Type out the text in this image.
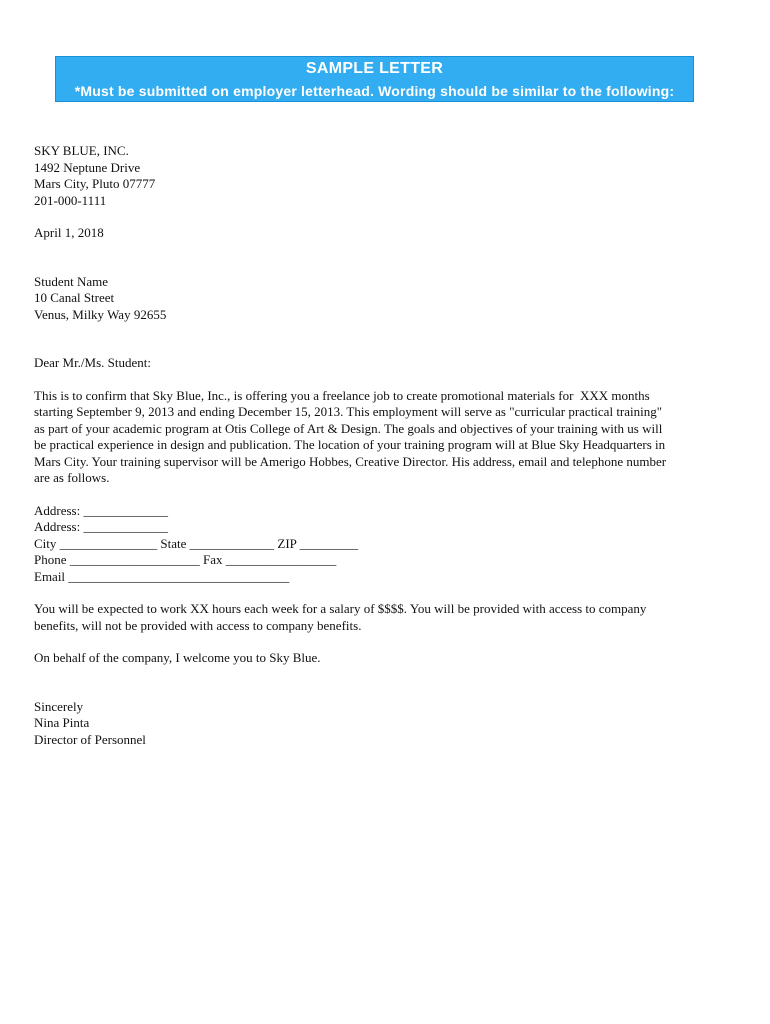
SAMPLE LETTER
*Must be submitted on employer letterhead. Wording should be similar to the following:
SKY BLUE, INC.
1492 Neptune Drive
Mars City, Pluto 07777
201-000-1111
April 1, 2018
Student Name
10 Canal Street
Venus, Milky Way 92655
Dear Mr./Ms. Student:
This is to confirm that Sky Blue, Inc., is offering you a freelance job to create promotional materials for  XXX months
starting September 9, 2013 and ending December 15, 2013. This employment will serve as "curricular practical training"
as part of your academic program at Otis College of Art & Design. The goals and objectives of your training with us will
be practical experience in design and publication. The location of your training program will at Blue Sky Headquarters in
Mars City. Your training supervisor will be Amerigo Hobbes, Creative Director. His address, email and telephone number
are as follows.
Address: _____________
Address: _____________
City _______________ State _____________ ZIP _________
Phone ____________________ Fax _________________
Email __________________________________
You will be expected to work XX hours each week for a salary of $$$$. You will be provided with access to company
benefits, will not be provided with access to company benefits.
On behalf of the company, I welcome you to Sky Blue.
Sincerely
Nina Pinta
Director of Personnel
